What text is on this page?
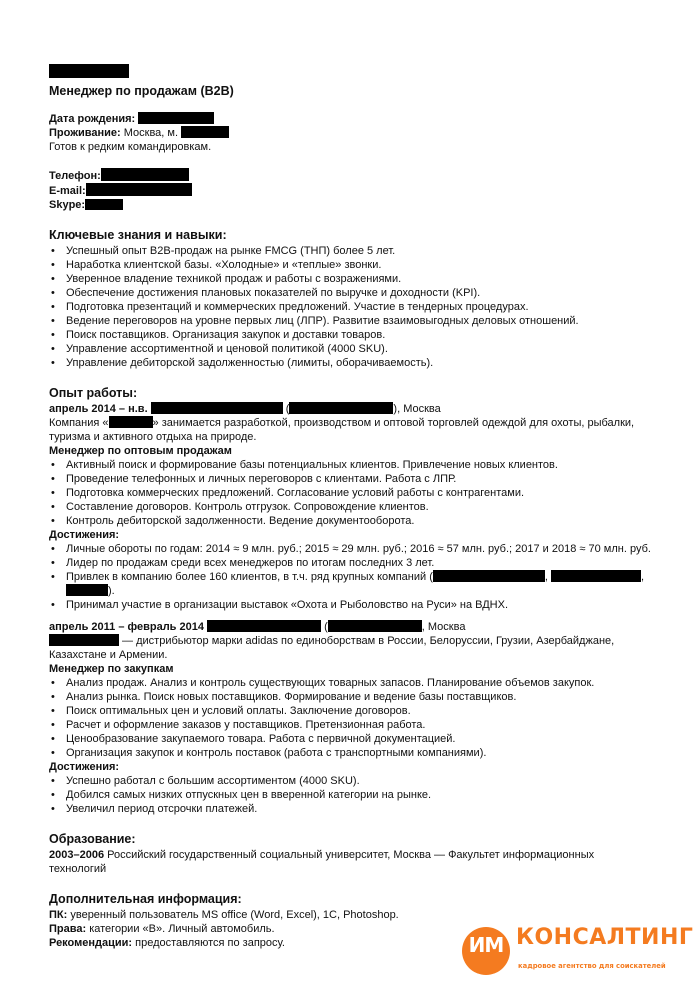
Менеджер по продажам (B2B)
Дата рождения:
Проживание: Москва, м.
Готов к редким командировкам.
Телефон:
E-mail:
Skype:
Ключевые знания и навыки:
• Успешный опыт B2B-продаж на рынке FMCG (ТНП) более 5 лет.
• Наработка клиентской базы. «Холодные» и «теплые» звонки.
• Уверенное владение техникой продаж и работы с возражениями.
• Обеспечение достижения плановых показателей по выручке и доходности (KPI).
• Подготовка презентаций и коммерческих предложений. Участие в тендерных процедурах.
• Ведение переговоров на уровне первых лиц (ЛПР). Развитие взаимовыгодных деловых отношений.
• Поиск поставщиков. Организация закупок и доставки товаров.
• Управление ассортиментной и ценовой политикой (4000 SKU).
• Управление дебиторской задолженностью (лимиты, оборачиваемость).
Опыт работы:
апрель 2014 – н.в.	(	), Москва
Компания «	» занимается разработкой, производством и оптовой торговлей одеждой для охоты, рыбалки,
туризма и активного отдыха на природе.
Менеджер по оптовым продажам
• Активный поиск и формирование базы потенциальных клиентов. Привлечение новых клиентов.
• Проведение телефонных и личных переговоров с клиентами. Работа с ЛПР.
• Подготовка коммерческих предложений. Согласование условий работы с контрагентами.
• Составление договоров. Контроль отгрузок. Сопровождение клиентов.
• Контроль дебиторской задолженности. Ведение документооборота.
Достижения:
• Личные обороты по годам: 2014 ≈ 9 млн. руб.; 2015 ≈ 29 млн. руб.; 2016 ≈ 57 млн. руб.; 2017 и 2018 ≈ 70 млн. руб.
• Лидер по продажам среди всех менеджеров по итогам последних 3 лет.
• Привлек в компанию более 160 клиентов, в т.ч. ряд крупных компаний (	,	, ).
• Принимал участие в организации выставок «Охота и Рыболовство на Руси» на ВДНХ.
апрель 2011 – февраль 2014	(	, Москва
— дистрибьютор марки adidas по единоборствам в России, Белоруссии, Грузии, Азербайджане,
Казахстане и Армении.
Менеджер по закупкам
• Анализ продаж. Анализ и контроль существующих товарных запасов. Планирование объемов закупок.
• Анализ рынка. Поиск новых поставщиков. Формирование и ведение базы поставщиков.
• Поиск оптимальных цен и условий оплаты. Заключение договоров.
• Расчет и оформление заказов у поставщиков. Претензионная работа.
• Ценообразование закупаемого товара. Работа с первичной документацией.
• Организация закупок и контроль поставок (работа с транспортными компаниями).
Достижения:
• Успешно работал с большим ассортиментом (4000 SKU).
• Добился самых низких отпускных цен в вверенной категории на рынке.
• Увеличил период отсрочки платежей.
Образование:
2003–2006 Российский государственный социальный университет, Москва — Факультет информационных
технологий
Дополнительная информация:
ПК: уверенный пользователь MS office (Word, Excel), 1С, Photoshop.
Права: категории «В». Личный автомобиль.
Рекомендации: предоставляются по запросу.	ИМ КОНСАЛТИНГ
кадровое агентство для соискателей
